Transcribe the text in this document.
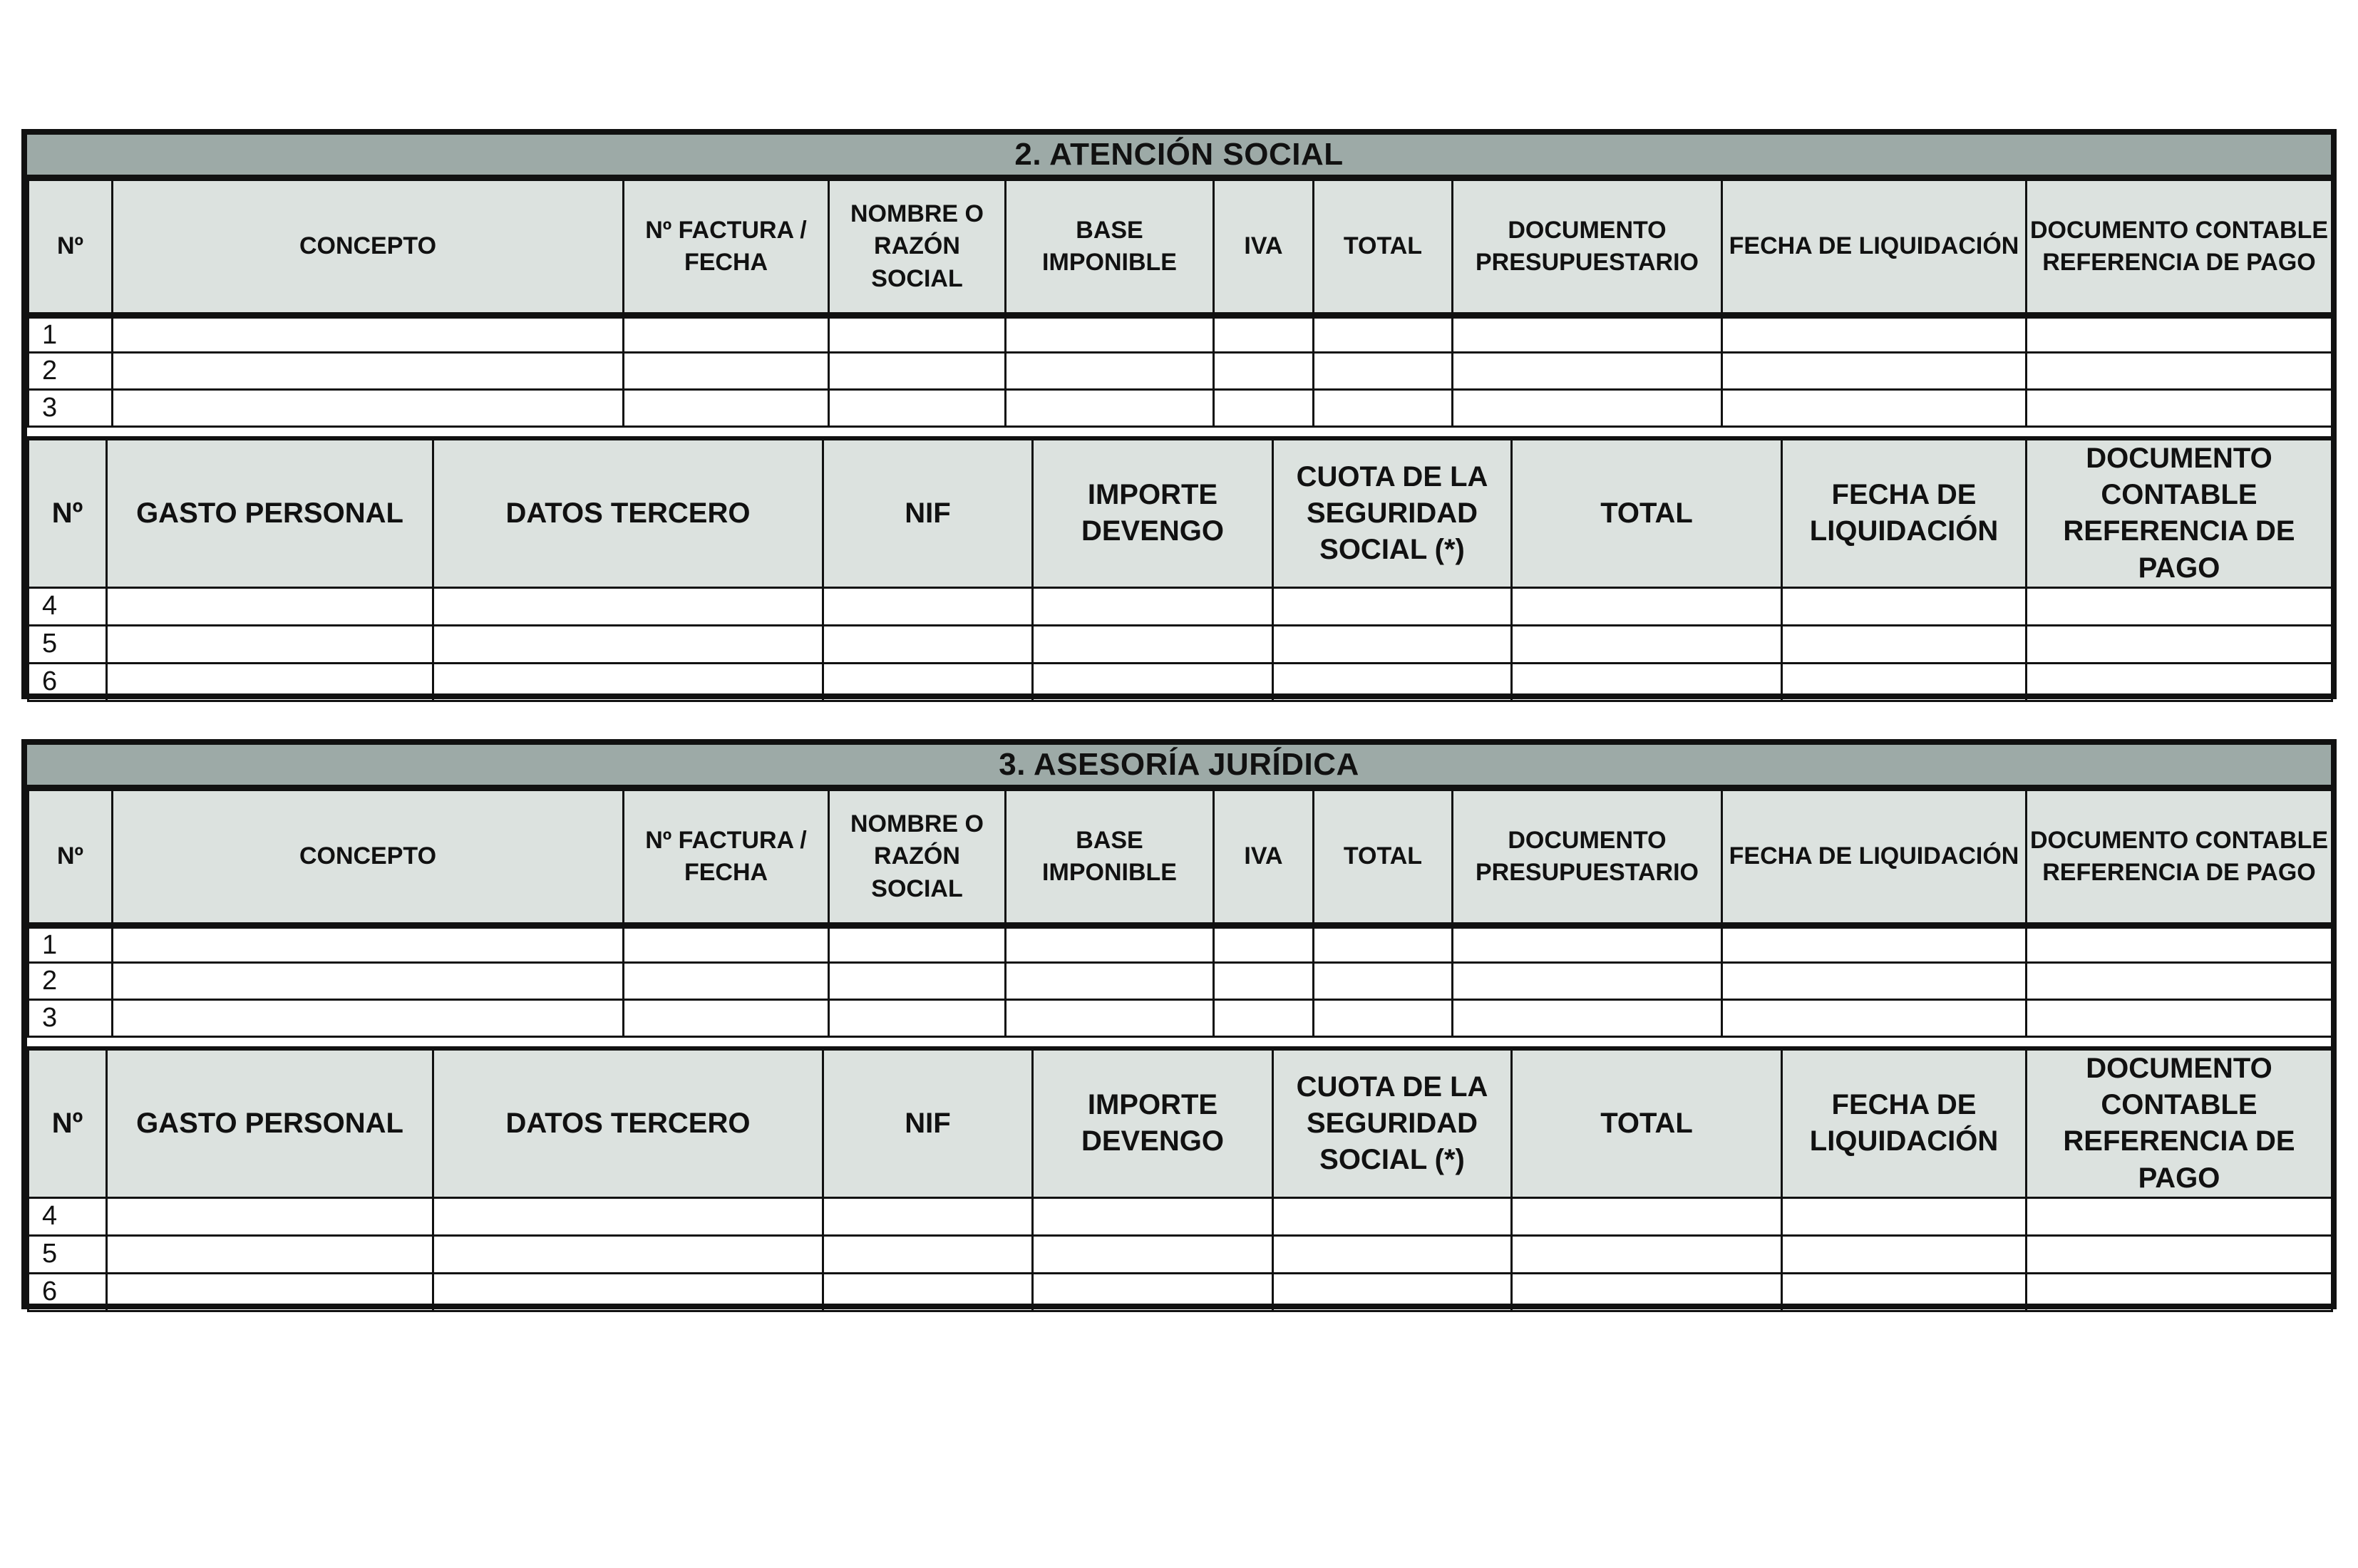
2. ATENCIÓN SOCIAL
Nº	CONCEPTO	Nº FACTURA / FECHA	NOMBRE O RAZÓN SOCIAL	BASE IMPONIBLE	IVA	TOTAL	DOCUMENTO PRESUPUESTARIO	FECHA DE LIQUIDACIÓN	DOCUMENTO CONTABLE REFERENCIA DE PAGO
1									
2									
3									
Nº	GASTO PERSONAL	DATOS TERCERO	NIF	IMPORTE DEVENGO	CUOTA DE LA SEGURIDAD SOCIAL (*)	TOTAL	FECHA DE LIQUIDACIÓN	DOCUMENTO CONTABLE REFERENCIA DE PAGO
4								
5								
6								
3. ASESORÍA JURÍDICA
Nº	CONCEPTO	Nº FACTURA / FECHA	NOMBRE O RAZÓN SOCIAL	BASE IMPONIBLE	IVA	TOTAL	DOCUMENTO PRESUPUESTARIO	FECHA DE LIQUIDACIÓN	DOCUMENTO CONTABLE REFERENCIA DE PAGO
1									
2									
3									
Nº	GASTO PERSONAL	DATOS TERCERO	NIF	IMPORTE DEVENGO	CUOTA DE LA SEGURIDAD SOCIAL (*)	TOTAL	FECHA DE LIQUIDACIÓN	DOCUMENTO CONTABLE REFERENCIA DE PAGO
4								
5								
6								
